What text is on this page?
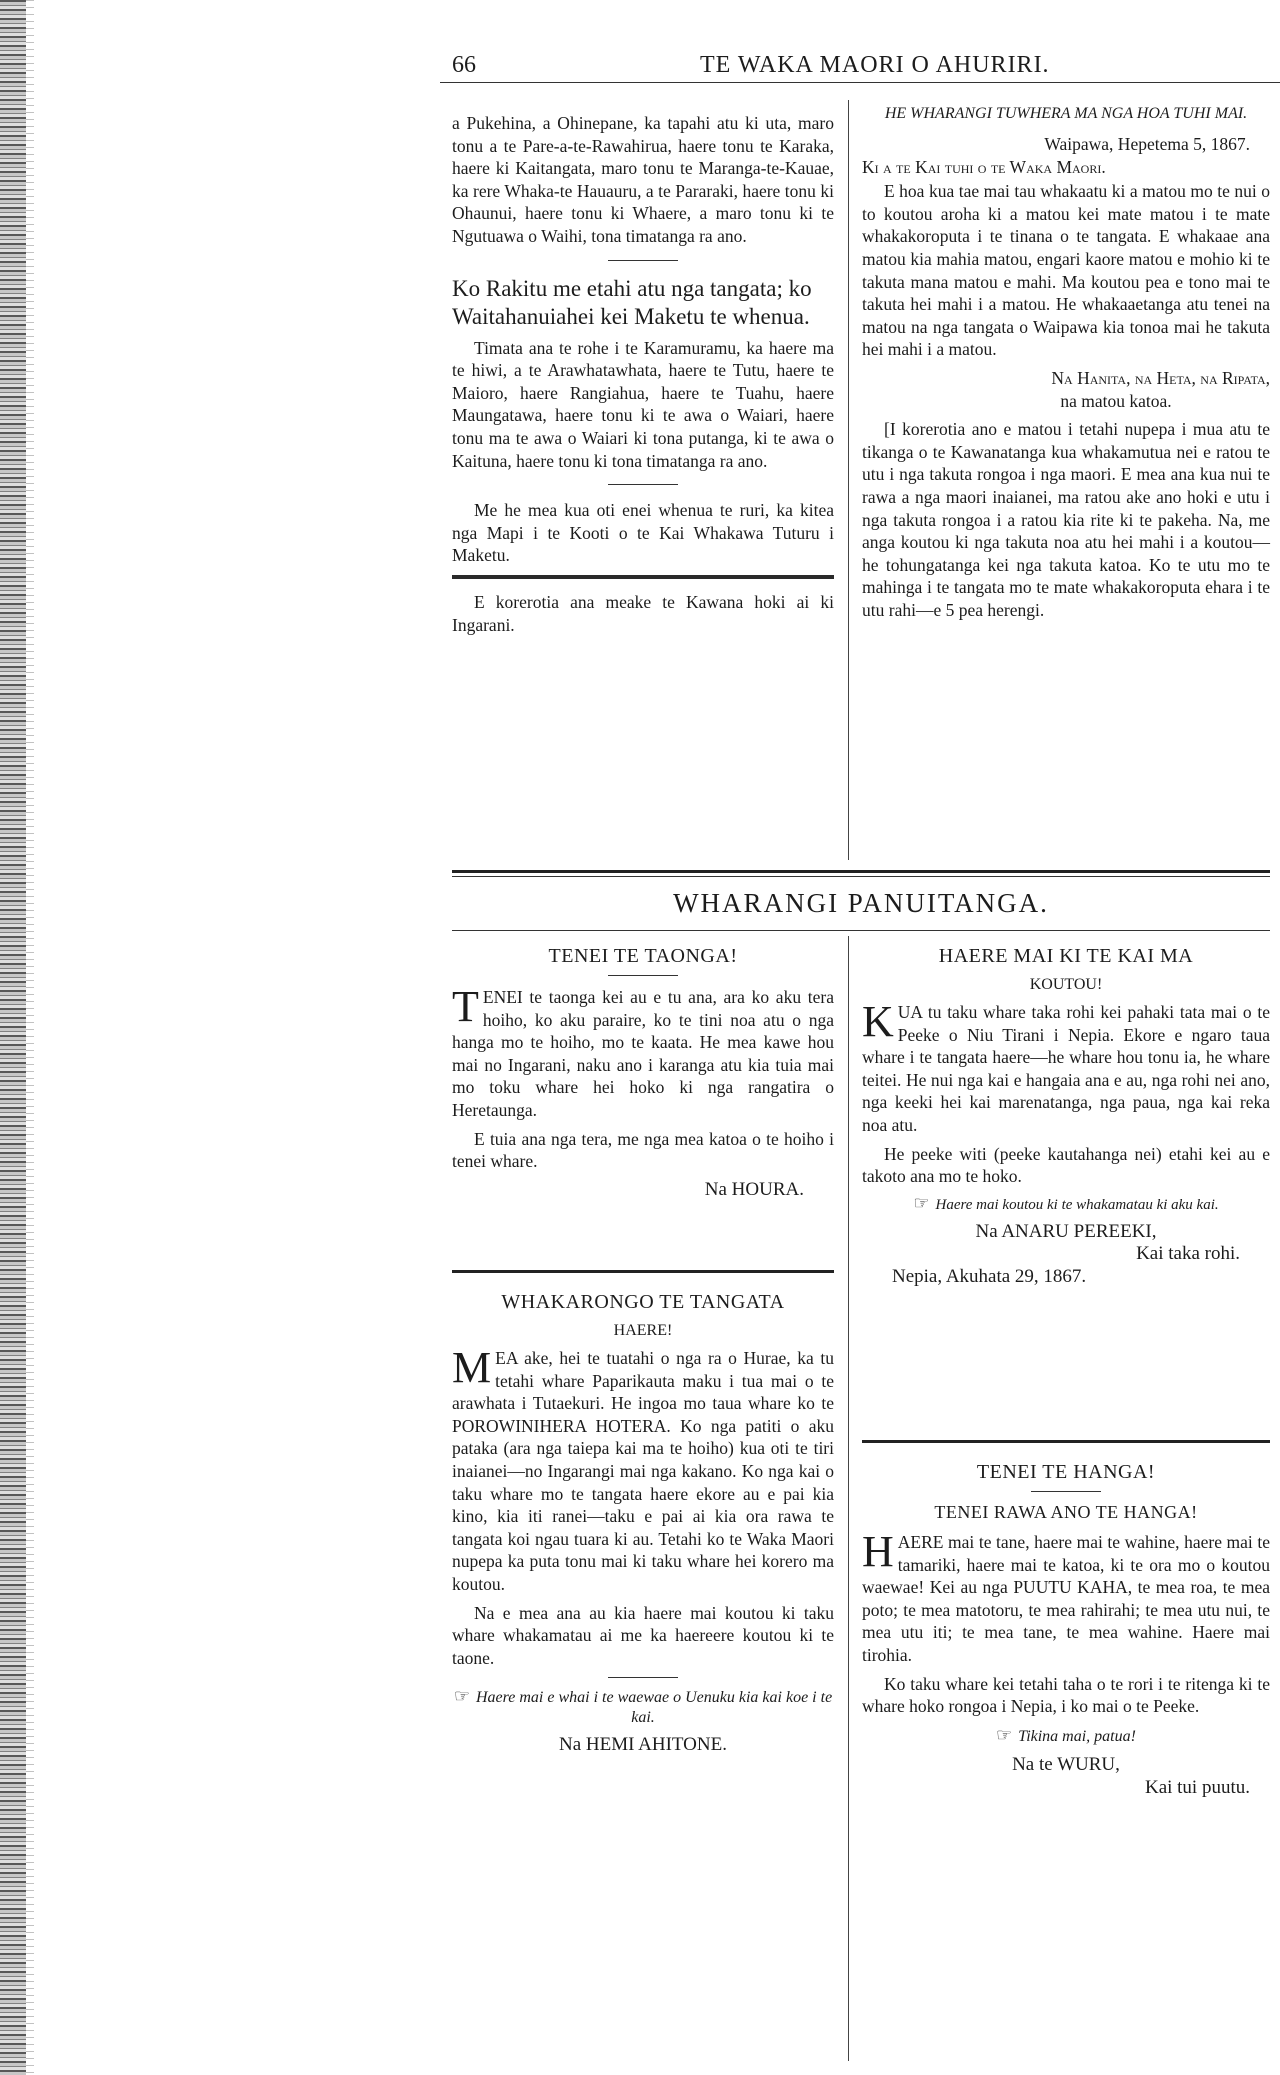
66	TE WAKA MAORI O AHURIRI.

a Pukehina, a Ohinepane, ka tapahi atu ki uta, maro tonu a te Pare-a-te-Rawahirua, haere tonu te Karaka, haere ki Kaitangata, maro tonu te Maranga-te-Kauae, ka rere Whaka-te Hauauru, a te Pararaki, haere tonu ki Ohaunui, haere tonu ki Whaere, a maro tonu ki te Ngutuawa o Waihi, tona timatanga ra ano.

Ko Rakitu me etahi atu nga tangata; ko Waitahanuiahei kei Maketu te whenua.

Timata ana te rohe i te Karamuramu, ka haere ma te hiwi, a te Arawhatawhata, haere te Tutu, haere te Maioro, haere Rangiahua, haere te Tuahu, haere Maungatawa, haere tonu ki te awa o Waiari, haere tonu ma te awa o Waiari ki tona putanga, ki te awa o Kaituna, haere tonu ki tona timatanga ra ano.

Me he mea kua oti enei whenua te ruri, ka kitea nga Mapi i te Kooti o te Kai Whakawa Tuturu i Maketu.

E korerotia ana meake te Kawana hoki ai ki Ingarani.

HE WHARANGI TUWHERA MA NGA HOA TUHI MAI.

Waipawa, Hepetema 5, 1867.

Ki a te Kai tuhi o te Waka Maori.

E hoa kua tae mai tau whakaatu ki a matou mo te nui o to koutou aroha ki a matou kei mate matou i te mate whakakoroputa i te tinana o te tangata. E whakaae ana matou kia mahia matou, engari kaore matou e mohio ki te takuta mana matou e mahi. Ma koutou pea e tono mai te takuta hei mahi i a matou. He whakaaetanga atu tenei na matou na nga tangata o Waipawa kia tonoa mai he takuta hei mahi i a matou.

Na Hanita, na Heta, na Ripata,

na matou katoa.

[I korerotia ano e matou i tetahi nupepa i mua atu te tikanga o te Kawanatanga kua whakamutua nei e ratou te utu i nga takuta rongoa i nga maori. E mea ana kua nui te rawa a nga maori inaianei, ma ratou ake ano hoki e utu i nga takuta rongoa i a ratou kia rite ki te pakeha. Na, me anga koutou ki nga takuta noa atu hei mahi i a koutou—he tohungatanga kei nga takuta katoa. Ko te utu mo te mahinga i te tangata mo te mate whakakoroputa ehara i te utu rahi—e 5 pea herengi.

WHARANGI PANUITANGA.

TENEI TE TAONGA!

TENEI te taonga kei au e tu ana, ara ko aku tera hoiho, ko aku paraire, ko te tini noa atu o nga hanga mo te hoiho, mo te kaata. He mea kawe hou mai no Ingarani, naku ano i karanga atu kia tuia mai mo toku whare hei hoko ki nga rangatira o Heretaunga.

E tuia ana nga tera, me nga mea katoa o te hoiho i tenei whare.

Na HOURA.

WHAKARONGO TE TANGATA

HAERE!

MEA ake, hei te tuatahi o nga ra o Hurae, ka tu tetahi whare Paparikauta maku i tua mai o te arawhata i Tutaekuri. He ingoa mo taua whare ko te POROWINIHERA HOTERA. Ko nga patiti o aku pataka (ara nga taiepa kai ma te hoiho) kua oti te tiri inaianei—no Ingarangi mai nga kakano. Ko nga kai o taku whare mo te tangata haere ekore au e pai kia kino, kia iti ranei—taku e pai ai kia ora rawa te tangata koi ngau tuara ki au. Tetahi ko te Waka Maori nupepa ka puta tonu mai ki taku whare hei korero ma koutou.

Na e mea ana au kia haere mai koutou ki taku whare whakamatau ai me ka haereere koutou ki te taone.

☞ Haere mai e whai i te waewae o Uenuku kia kai koe i te kai.

Na HEMI AHITONE.

HAERE MAI KI TE KAI MA

KOUTOU!

KUA tu taku whare taka rohi kei pahaki tata mai o te Peeke o Niu Tirani i Nepia. Ekore e ngaro taua whare i te tangata haere—he whare hou tonu ia, he whare teitei. He nui nga kai e hangaia ana e au, nga rohi nei ano, nga keeki hei kai marenatanga, nga paua, nga kai reka noa atu.

He peeke witi (peeke kautahanga nei) etahi kei au e takoto ana mo te hoko.

☞ Haere mai koutou ki te whakamatau ki aku kai.

Na ANARU PEREEKI,

Kai taka rohi.

Nepia, Akuhata 29, 1867.

TENEI TE HANGA!

TENEI RAWA ANO TE HANGA!

HAERE mai te tane, haere mai te wahine, haere mai te tamariki, haere mai te katoa, ki te ora mo o koutou waewae! Kei au nga PUUTU KAHA, te mea roa, te mea poto; te mea matotoru, te mea rahirahi; te mea utu nui, te mea utu iti; te mea tane, te mea wahine. Haere mai tirohia.

Ko taku whare kei tetahi taha o te rori i te ritenga ki te whare hoko rongoa i Nepia, i ko mai o te Peeke.

☞ Tikina mai, patua!

Na te WURU,

Kai tui puutu.
